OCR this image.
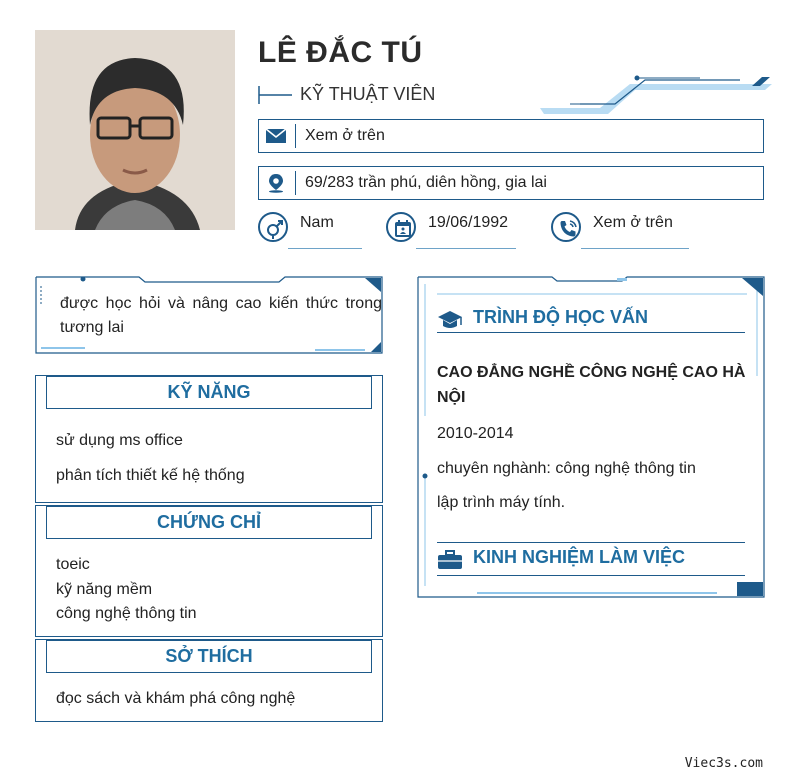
LÊ ĐẮC TÚ
KỸ THUẬT VIÊN
Xem ở trên
69/283 trần phú, diên hồng, gia lai
Nam	19/06/1992	Xem ở trên
được học hỏi và nâng cao kiến thức trong tương lai
KỸ NĂNG
sử dụng ms office
phân tích thiết kế hệ thống
CHỨNG CHỈ
toeic
kỹ năng mềm
công nghệ thông tin
SỞ THÍCH
đọc sách và khám phá công nghệ
TRÌNH ĐỘ HỌC VẤN
CAO ĐẲNG NGHỀ CÔNG NGHỆ CAO HÀ NỘI
2010-2014
chuyên nghành: công nghệ thông tin
lập trình máy tính.
KINH NGHIỆM LÀM VIỆC
Viec3s.com
